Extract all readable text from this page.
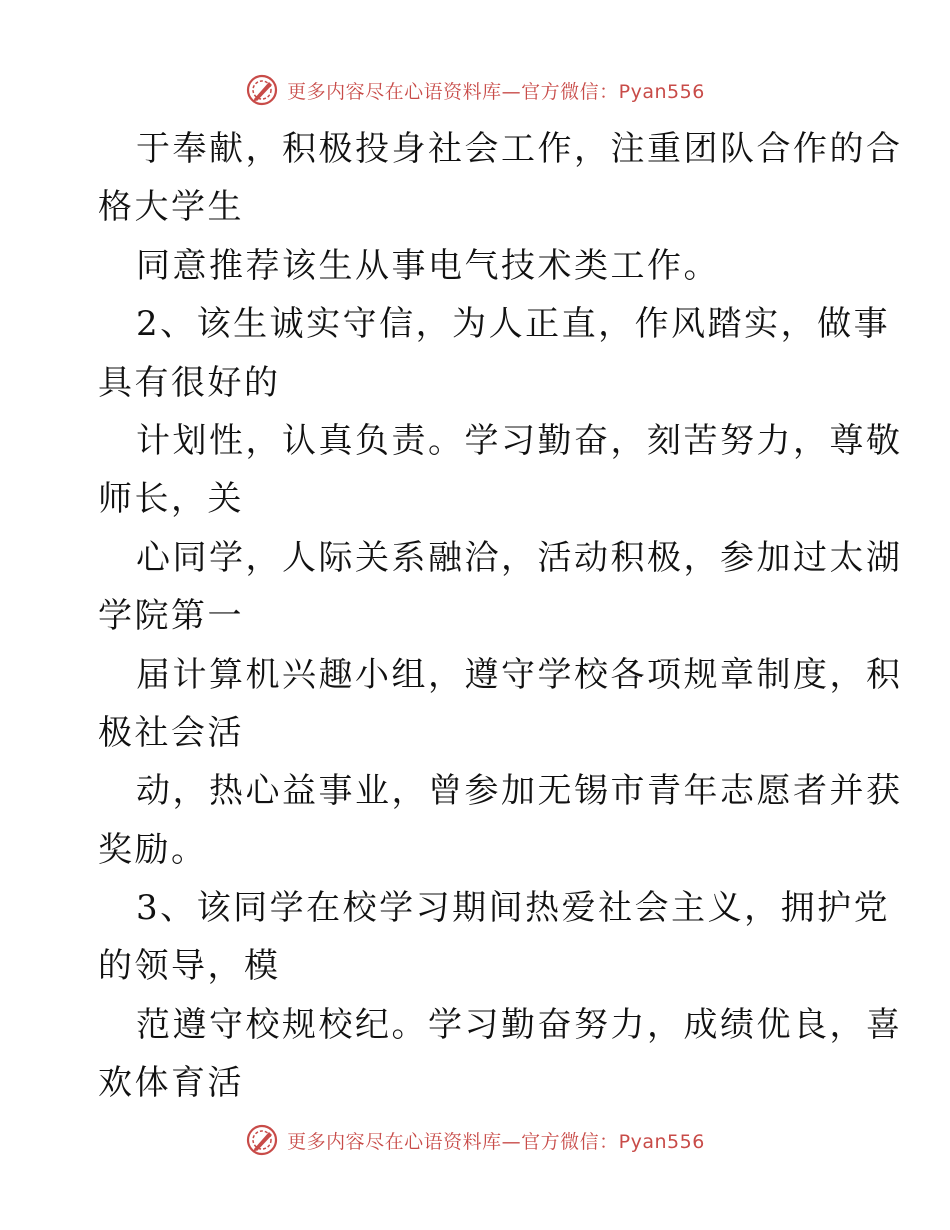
更多内容尽在心语资料库—官方微信：Pyan556
于奉献，积极投身社会工作，注重团队合作的合
格大学生
同意推荐该生从事电气技术类工作。
2、该生诚实守信，为人正直，作风踏实，做事
具有很好的
计划性，认真负责。学习勤奋，刻苦努力，尊敬
师长，关
心同学，人际关系融洽，活动积极，参加过太湖
学院第一
届计算机兴趣小组，遵守学校各项规章制度，积
极社会活
动，热心益事业，曾参加无锡市青年志愿者并获
奖励。
3、该同学在校学习期间热爱社会主义，拥护党
的领导，模
范遵守校规校纪。学习勤奋努力，成绩优良，喜
欢体育活
更多内容尽在心语资料库—官方微信：Pyan556
